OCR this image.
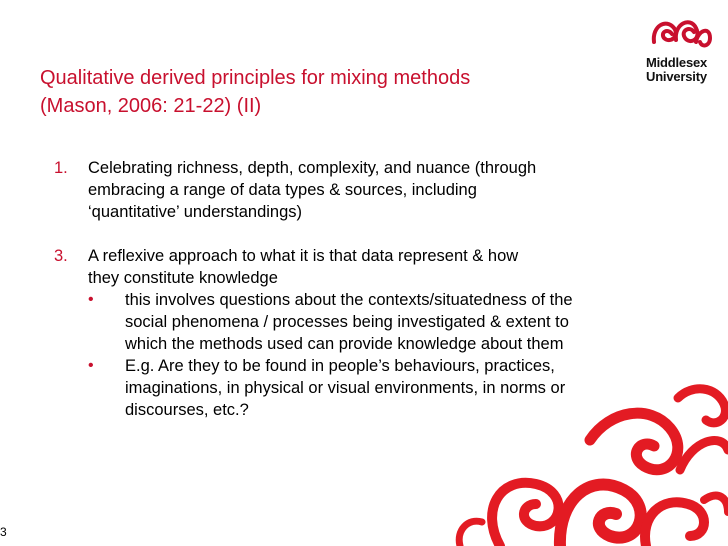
Middlesex
University
Qualitative derived principles for mixing methods
(Mason, 2006: 21-22) (II)
1. Celebrating richness, depth, complexity, and nuance (through
embracing a range of data types & sources, including
‘quantitative’ understandings)
3. A reflexive approach to what it is that data represent & how
they constitute knowledge
• this involves questions about the contexts/situatedness of the
social phenomena / processes being investigated & extent to
which the methods used can provide knowledge about them
• E.g. Are they to be found in people’s behaviours, practices,
imaginations, in physical or visual environments, in norms or
discourses, etc.?
3
